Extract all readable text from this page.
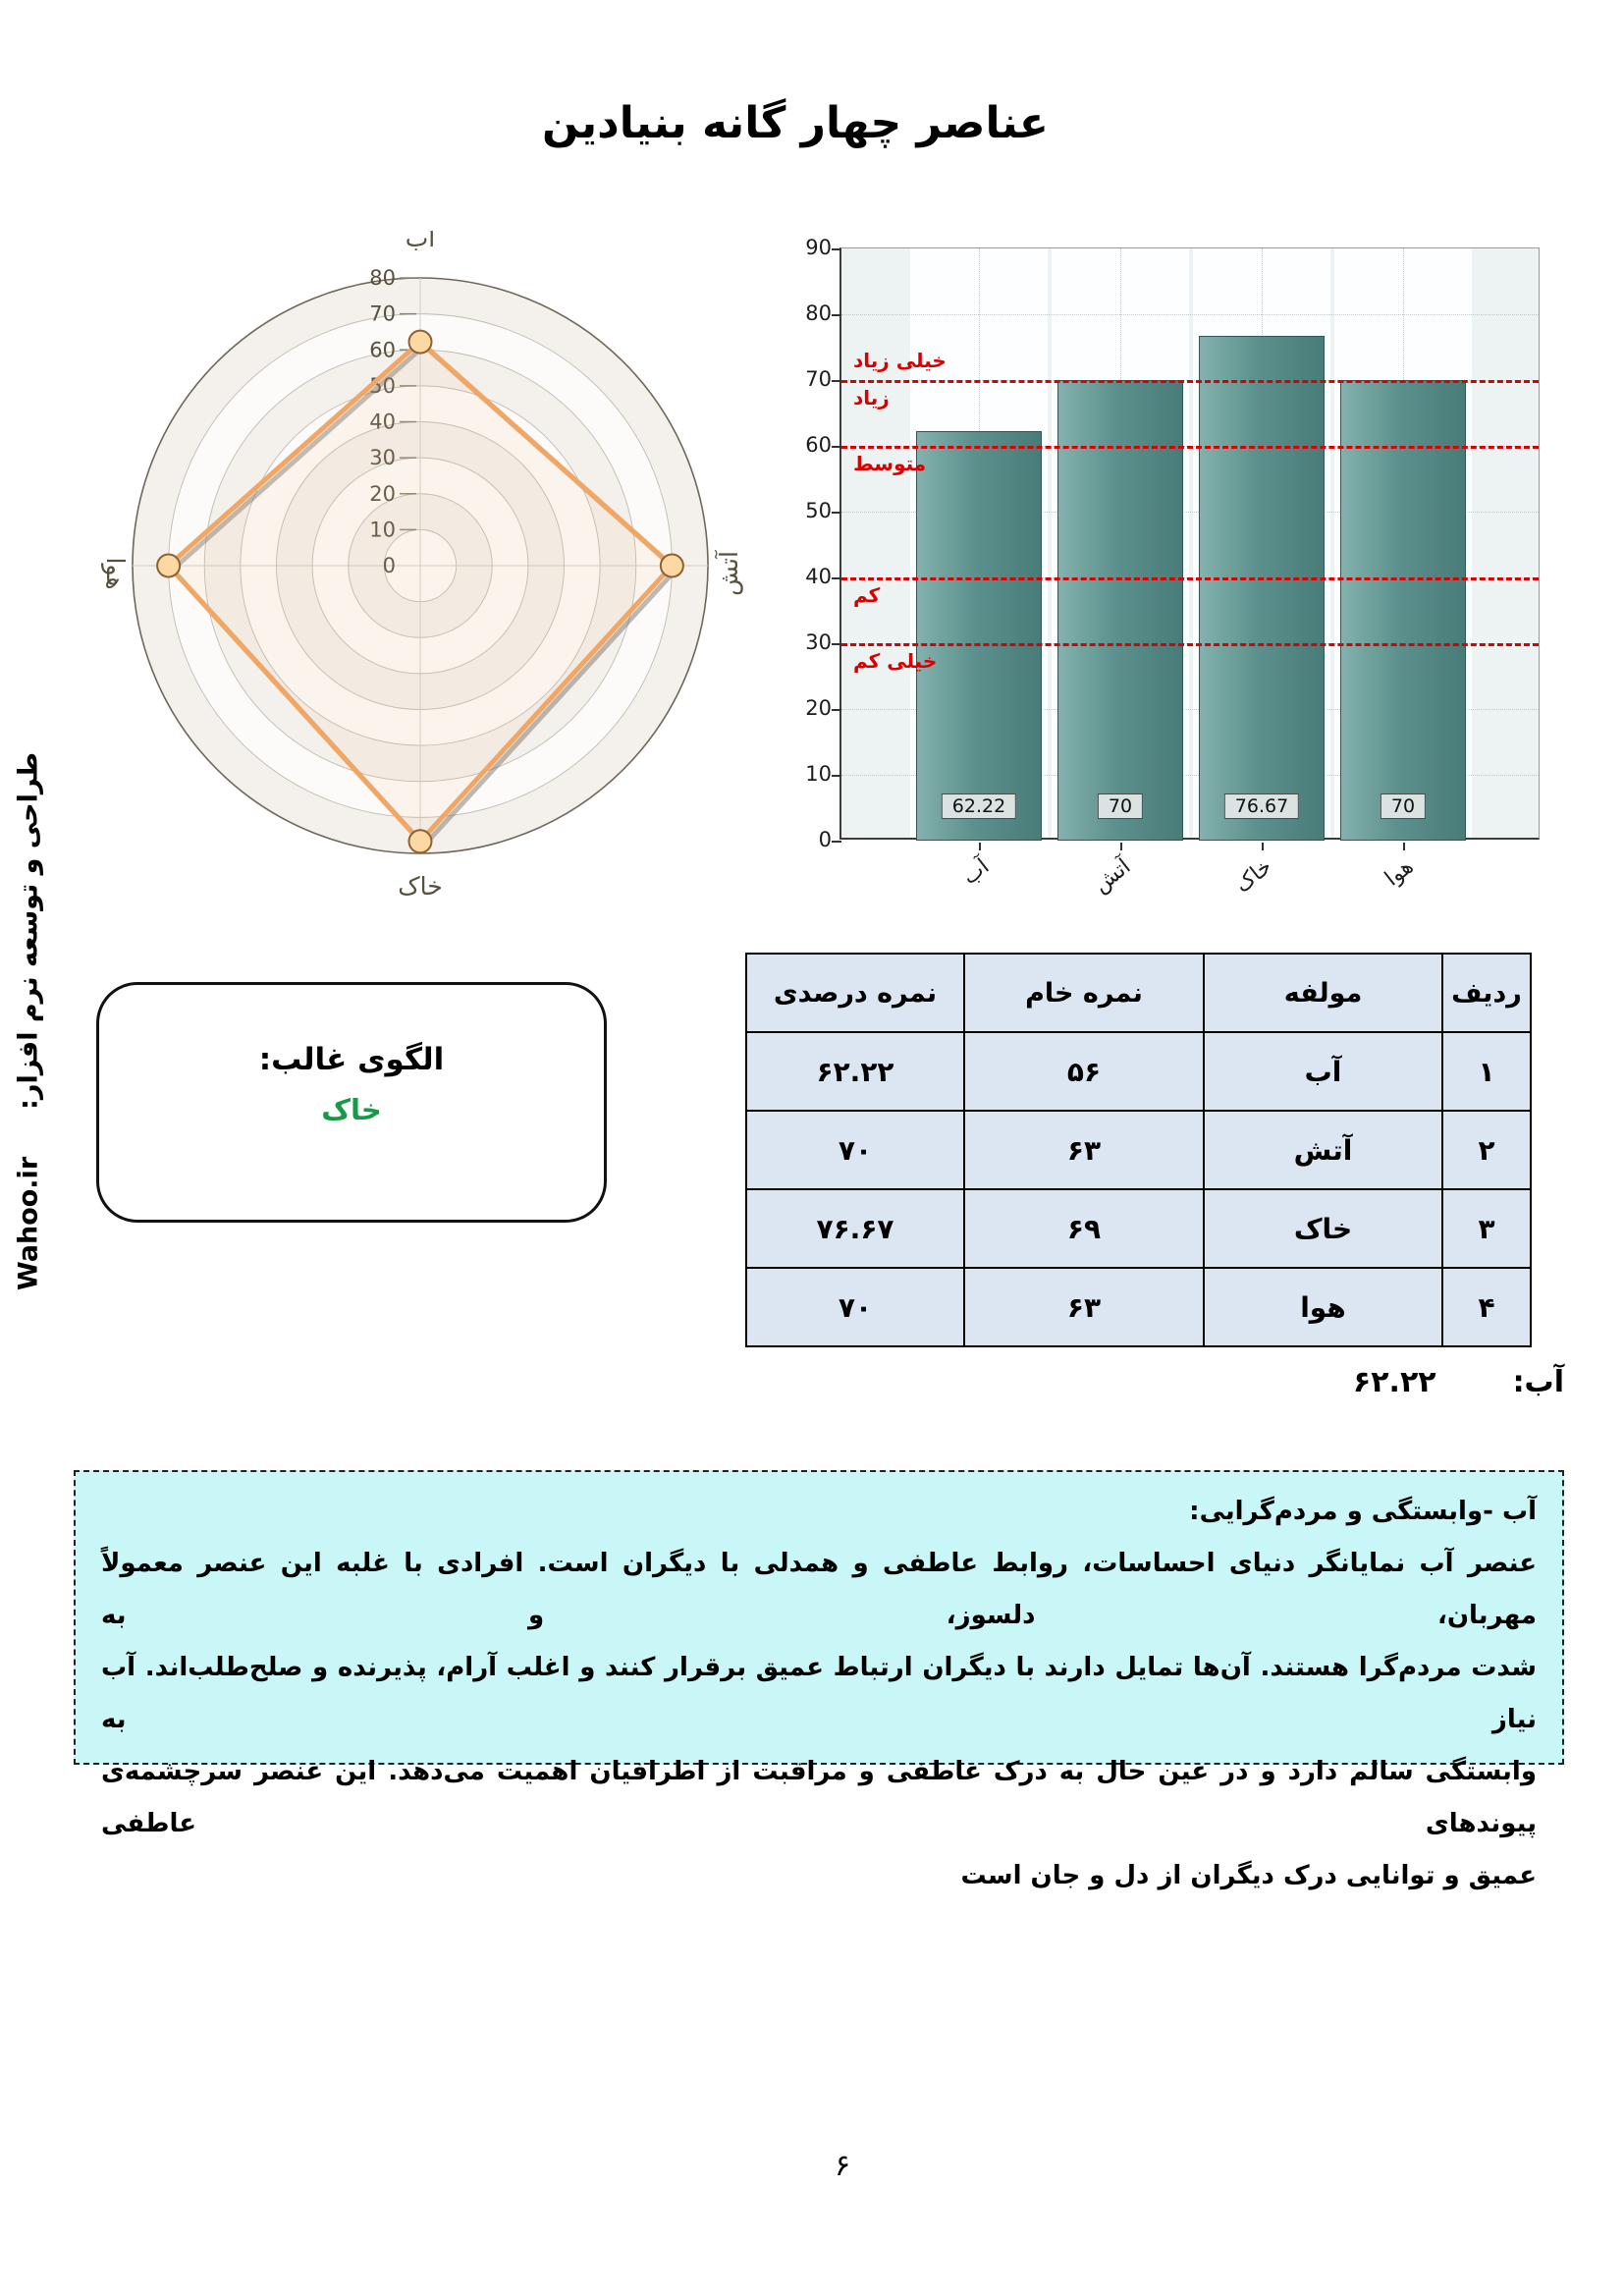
عناصر چهار گانه بنیادین
60
70
80
آب
آتش
خاک
هوا
خیلی زیاد
زیاد
متوسط
کم
خیلی کم
62.22	70	76.67	70
0
10
20
30
40
50
60
70
80
90
آب	آتش	خاک	هوا
ردیف	مولفه	نمره خام	نمره درصدی
۱	آب	۵۶	۶۲.۲۲
۲	آتش	۶۳	۷۰
۳	خاک	۶۹	۷۶.۶۷
۴	هوا	۶۳	۷۰
الگوی غالب:
خاک
آب:
۶۲.۲۲
آب -وابستگی و مردم‌گرایی:
عنصر آب نمایانگر دنیای احساسات، روابط عاطفی و همدلی با دیگران است. افرادی با غلبه این عنصر معمولاً مهربان، دلسوز، و به
شدت مردم‌گرا هستند. آن‌ها تمایل دارند با دیگران ارتباط عمیق برقرار کنند و اغلب آرام، پذیرنده و صلح‌طلب‌اند. آب نیاز به
وابستگی سالم دارد و در عین حال به درک عاطفی و مراقبت از اطرافیان اهمیت می‌دهد. این عنصر سرچشمه‌ی پیوندهای عاطفی
عمیق و توانایی درک دیگران از دل و جان است
طراحی و توسعه نرم افزار:
Wahoo.ir
۶
